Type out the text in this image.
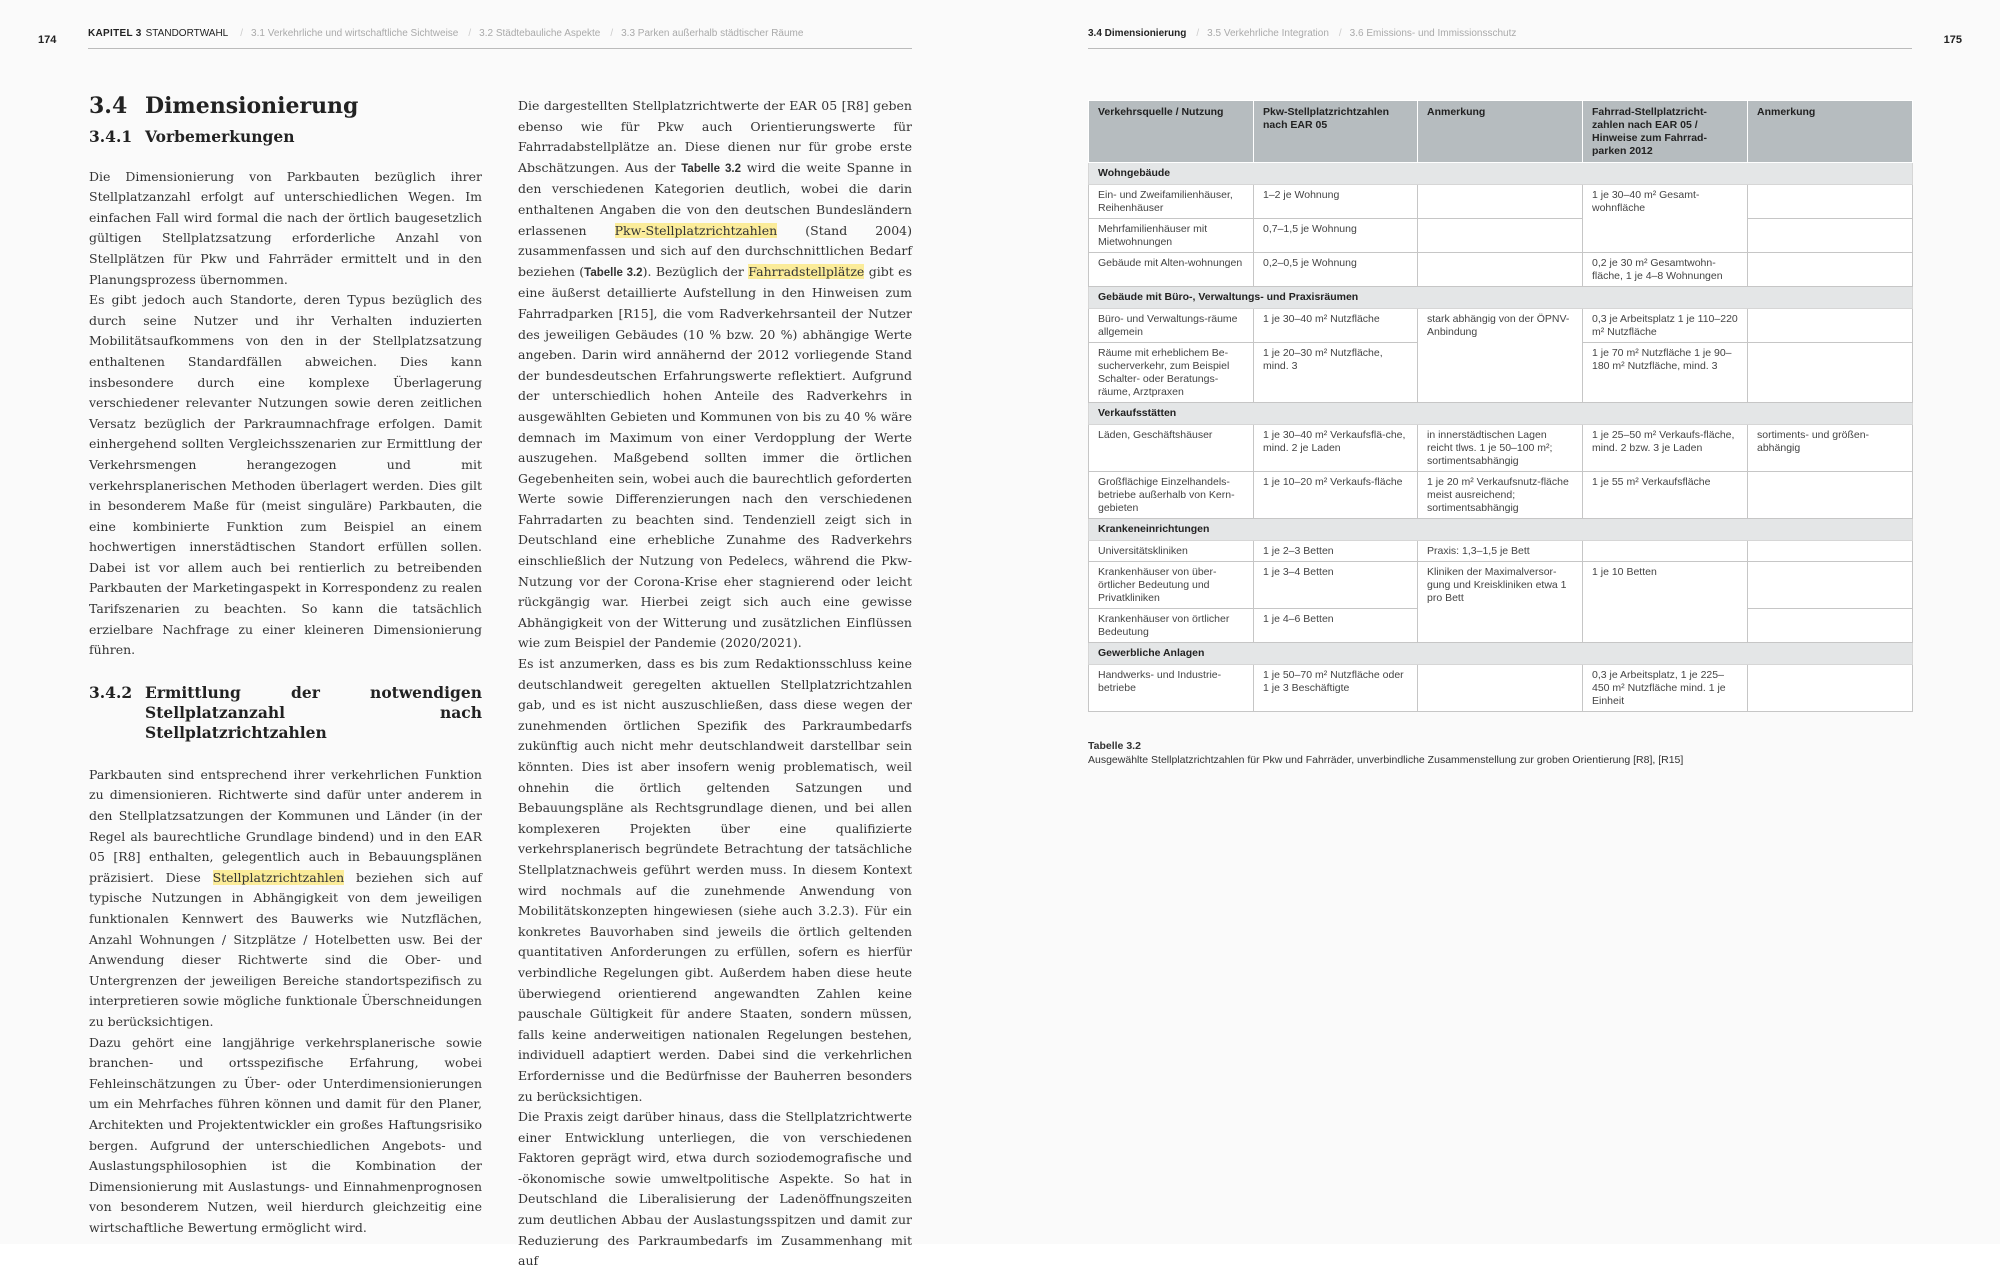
174
KAPITEL 3 STANDORTWAHL / 3.1 Verkehrliche und wirtschaftliche Sichtweise / 3.2 Städtebauliche Aspekte / 3.3 Parken außerhalb städtischer Räume
3.4 Dimensionierung
3.4.1 Vorbemerkungen

Die Dimensionierung von Parkbauten bezüglich ihrer Stellplatzanzahl erfolgt auf unterschiedlichen Wegen. Im einfachen Fall wird formal die nach der örtlich baugesetzlich gültigen Stellplatzsatzung erforderliche Anzahl von Stellplätzen für Pkw und Fahrräder ermittelt und in den Planungsprozess übernommen.

Es gibt jedoch auch Standorte, deren Typus bezüglich des durch seine Nutzer und ihr Verhalten induzierten Mobilitätsaufkommens von den in der Stellplatzsatzung enthaltenen Standardfällen abweichen. Dies kann insbesondere durch eine komplexe Überlagerung verschiedener relevanter Nutzungen sowie deren zeitlichen Versatz bezüglich der Parkraumnachfrage erfolgen. Damit einhergehend sollten Vergleichsszenarien zur Ermittlung der Verkehrsmengen herangezogen und mit verkehrsplanerischen Methoden überlagert werden. Dies gilt in besonderem Maße für (meist singuläre) Parkbauten, die eine kombinierte Funktion zum Beispiel an einem hochwertigen innerstädtischen Standort erfüllen sollen. Dabei ist vor allem auch bei rentierlich zu betreibenden Parkbauten der Marketingaspekt in Korrespondenz zu realen Tarifszenarien zu beachten. So kann die tatsächlich erzielbare Nachfrage zu einer kleineren Dimensionierung führen.

3.4.2 Ermittlung der notwendigen Stellplatzanzahl nach Stellplatzrichtzahlen

Parkbauten sind entsprechend ihrer verkehrlichen Funktion zu dimensionieren. Richtwerte sind dafür unter anderem in den Stellplatzsatzungen der Kommunen und Länder (in der Regel als baurechtliche Grundlage bindend) und in den EAR 05 [R8] enthalten, gelegentlich auch in Bebauungsplänen präzisiert. Diese Stellplatzrichtzahlen beziehen sich auf typische Nutzungen in Abhängigkeit von dem jeweiligen funktionalen Kennwert des Bauwerks wie Nutzflächen, Anzahl Wohnungen / Sitzplätze / Hotelbetten usw. Bei der Anwendung dieser Richtwerte sind die Ober- und Untergrenzen der jeweiligen Bereiche standortspezifisch zu interpretieren sowie mögliche funktionale Überschneidungen zu berücksichtigen.

Dazu gehört eine langjährige verkehrsplanerische sowie branchen- und ortsspezifische Erfahrung, wobei Fehleinschätzungen zu Über- oder Unterdimensionierungen um ein Mehrfaches führen können und damit für den Planer, Architekten und Projektentwickler ein großes Haftungsrisiko bergen. Aufgrund der unterschiedlichen Angebots- und Auslastungsphilosophien ist die Kombination der Dimensionierung mit Auslastungs- und Einnahmenprognosen von besonderem Nutzen, weil hierdurch gleichzeitig eine wirtschaftliche Bewertung ermöglicht wird.

Die dargestellten Stellplatzrichtwerte der EAR 05 [R8] geben ebenso wie für Pkw auch Orientierungswerte für Fahrradabstellplätze an. Diese dienen nur für grobe erste Abschätzungen. Aus der Tabelle 3.2 wird die weite Spanne in den verschiedenen Kategorien deutlich, wobei die darin enthaltenen Angaben die von den deutschen Bundesländern erlassenen Pkw-Stellplatzrichtzahlen (Stand 2004) zusammenfassen und sich auf den durchschnittlichen Bedarf beziehen (Tabelle 3.2). Bezüglich der Fahrradstellplätze gibt es eine äußerst detaillierte Aufstellung in den Hinweisen zum Fahrradparken [R15], die vom Radverkehrsanteil der Nutzer des jeweiligen Gebäudes (10 % bzw. 20 %) abhängige Werte angeben. Darin wird annähernd der 2012 vorliegende Stand der bundesdeutschen Erfahrungswerte reflektiert. Aufgrund der unterschiedlich hohen Anteile des Radverkehrs in ausgewählten Gebieten und Kommunen von bis zu 40 % wäre demnach im Maximum von einer Verdopplung der Werte auszugehen. Maßgebend sollten immer die örtlichen Gegebenheiten sein, wobei auch die baurechtlich geforderten Werte sowie Differenzierungen nach den verschiedenen Fahrradarten zu beachten sind. Tendenziell zeigt sich in Deutschland eine erhebliche Zunahme des Radverkehrs einschließlich der Nutzung von Pedelecs, während die Pkw-Nutzung vor der Corona-Krise eher stagnierend oder leicht rückgängig war. Hierbei zeigt sich auch eine gewisse Abhängigkeit von der Witterung und zusätzlichen Einflüssen wie zum Beispiel der Pandemie (2020/2021).

Es ist anzumerken, dass es bis zum Redaktionsschluss keine deutschlandweit geregelten aktuellen Stellplatzrichtzahlen gab, und es ist nicht auszuschließen, dass diese wegen der zunehmenden örtlichen Spezifik des Parkraumbedarfs zukünftig auch nicht mehr deutschlandweit darstellbar sein könnten. Dies ist aber insofern wenig problematisch, weil ohnehin die örtlich geltenden Satzungen und Bebauungspläne als Rechtsgrundlage dienen, und bei allen komplexeren Projekten über eine qualifizierte verkehrsplanerisch begründete Betrachtung der tatsächliche Stellplatznachweis geführt werden muss. In diesem Kontext wird nochmals auf die zunehmende Anwendung von Mobilitätskonzepten hingewiesen (siehe auch 3.2.3). Für ein konkretes Bauvorhaben sind jeweils die örtlich geltenden quantitativen Anforderungen zu erfüllen, sofern es hierfür verbindliche Regelungen gibt. Außerdem haben diese heute überwiegend orientierend angewandten Zahlen keine pauschale Gültigkeit für andere Staaten, sondern müssen, falls keine anderweitigen nationalen Regelungen bestehen, individuell adaptiert werden. Dabei sind die verkehrlichen Erfordernisse und die Bedürfnisse der Bauherren besonders zu berücksichtigen.

Die Praxis zeigt darüber hinaus, dass die Stellplatzrichtwerte einer Entwicklung unterliegen, die von verschiedenen Faktoren geprägt wird, etwa durch soziodemografische und -ökonomische sowie umweltpolitische Aspekte. So hat in Deutschland die Liberalisierung der Ladenöffnungszeiten zum deutlichen Abbau der Auslastungsspitzen und damit zur Reduzierung des Parkraumbedarfs im Zusammenhang mit auf

3.4 Dimensionierung / 3.5 Verkehrliche Integration / 3.6 Emissions- und Immissionsschutz
175
Verkehrsquelle / Nutzung	Pkw-Stellplatzrichtzahlen nach EAR 05	Anmerkung	Fahrrad-Stellplatzricht-zahlen nach EAR 05 / Hinweise zum Fahrrad-parken 2012	Anmerkung
Wohngebäude				
Ein- und Zweifamilienhäuser, Reihenhäuser	1–2 je Wohnung		1 je 30–40 m² Gesamt-wohnfläche	
Mehrfamilienhäuser mit Mietwohnungen	0,7–1,5 je Wohnung			
Gebäude mit Alten-wohnungen	0,2–0,5 je Wohnung		0,2 je 30 m² Gesamtwohn-fläche, 1 je 4–8 Wohnungen	
Gebäude mit Büro-, Verwaltungs- und Praxisräumen				
Büro- und Verwaltungs-räume allgemein	1 je 30–40 m² Nutzfläche	stark abhängig von der ÖPNV-Anbindung	0,3 je Arbeitsplatz 1 je 110–220 m² Nutzfläche	
Räume mit erheblichem Be-sucherverkehr, zum Beispiel Schalter- oder Beratungs-räume, Arztpraxen	1 je 20–30 m² Nutzfläche, mind. 3		1 je 70 m² Nutzfläche 1 je 90–180 m² Nutzfläche, mind. 3	
Verkaufsstätten				
Läden, Geschäftshäuser	1 je 30–40 m² Verkaufsflä-che, mind. 2 je Laden	in innerstädtischen Lagen reicht tlws. 1 je 50–100 m²; sortimentsabhängig	1 je 25–50 m² Verkaufs-fläche, mind. 2 bzw. 3 je Laden	sortiments- und größen-abhängig
Großflächige Einzelhandels-betriebe außerhalb von Kern-gebieten	1 je 10–20 m² Verkaufs-fläche	1 je 20 m² Verkaufsnutz-fläche meist ausreichend; sortimentsabhängig	1 je 55 m² Verkaufsfläche	
Krankeneinrichtungen				
Universitätskliniken	1 je 2–3 Betten	Praxis: 1,3–1,5 je Bett		
Krankenhäuser von über-örtlicher Bedeutung und Privatkliniken	1 je 3–4 Betten	Kliniken der Maximalversor-gung und Kreiskliniken etwa 1 pro Bett	1 je 10 Betten	
Krankenhäuser von örtlicher Bedeutung	1 je 4–6 Betten			
Gewerbliche Anlagen				
Handwerks- und Industrie-betriebe	1 je 50–70 m² Nutzfläche oder 1 je 3 Beschäftigte		0,3 je Arbeitsplatz, 1 je 225–450 m² Nutzfläche mind. 1 je Einheit	
Tabelle 3.2
Ausgewählte Stellplatzrichtzahlen für Pkw und Fahrräder, unverbindliche Zusammenstellung zur groben Orientierung [R8], [R15]
